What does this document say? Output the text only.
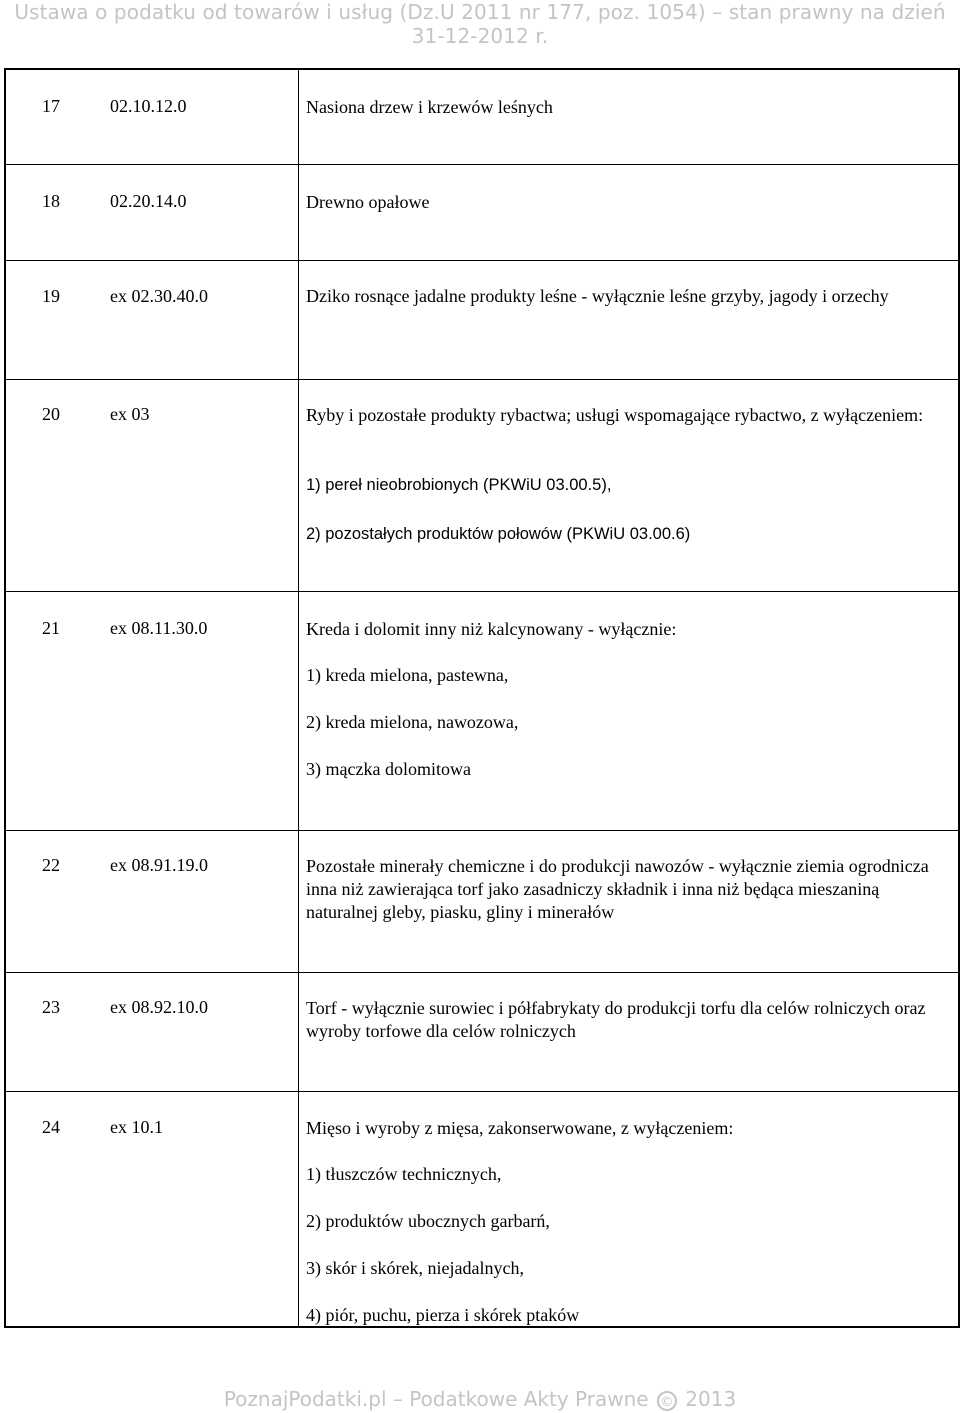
Ustawa o podatku od towarów i usług (Dz.U 2011 nr 177, poz. 1054) – stan prawny na dzień
31-12-2012 r.
17	02.10.12.0	Nasiona drzew i krzewów leśnych
18	02.20.14.0	Drewno opałowe
19	ex 02.30.40.0	Dziko rosnące jadalne produkty leśne - wyłącznie leśne grzyby, jagody i orzechy
20	ex 03	Ryby i pozostałe produkty rybactwa; usługi wspomagające rybactwo, z wyłączeniem:
1) pereł nieobrobionych (PKWiU 03.00.5),
2) pozostałych produktów połowów (PKWiU 03.00.6)
21	ex 08.11.30.0	Kreda i dolomit inny niż kalcynowany - wyłącznie:
1) kreda mielona, pastewna,
2) kreda mielona, nawozowa,
3) mączka dolomitowa
22	ex 08.91.19.0	Pozostałe minerały chemiczne i do produkcji nawozów - wyłącznie ziemia ogrodnicza inna niż zawierająca torf jako zasadniczy składnik i inna niż będąca mieszaniną naturalnej gleby, piasku, gliny i minerałów
23	ex 08.92.10.0	Torf - wyłącznie surowiec i półfabrykaty do produkcji torfu dla celów rolniczych oraz wyroby torfowe dla celów rolniczych
24	ex 10.1	Mięso i wyroby z mięsa, zakonserwowane, z wyłączeniem:
1) tłuszczów technicznych,
2) produktów ubocznych garbarń,
3) skór i skórek, niejadalnych,
4) piór, puchu, pierza i skórek ptaków
PoznajPodatki.pl – Podatkowe Akty Prawne © 2013
